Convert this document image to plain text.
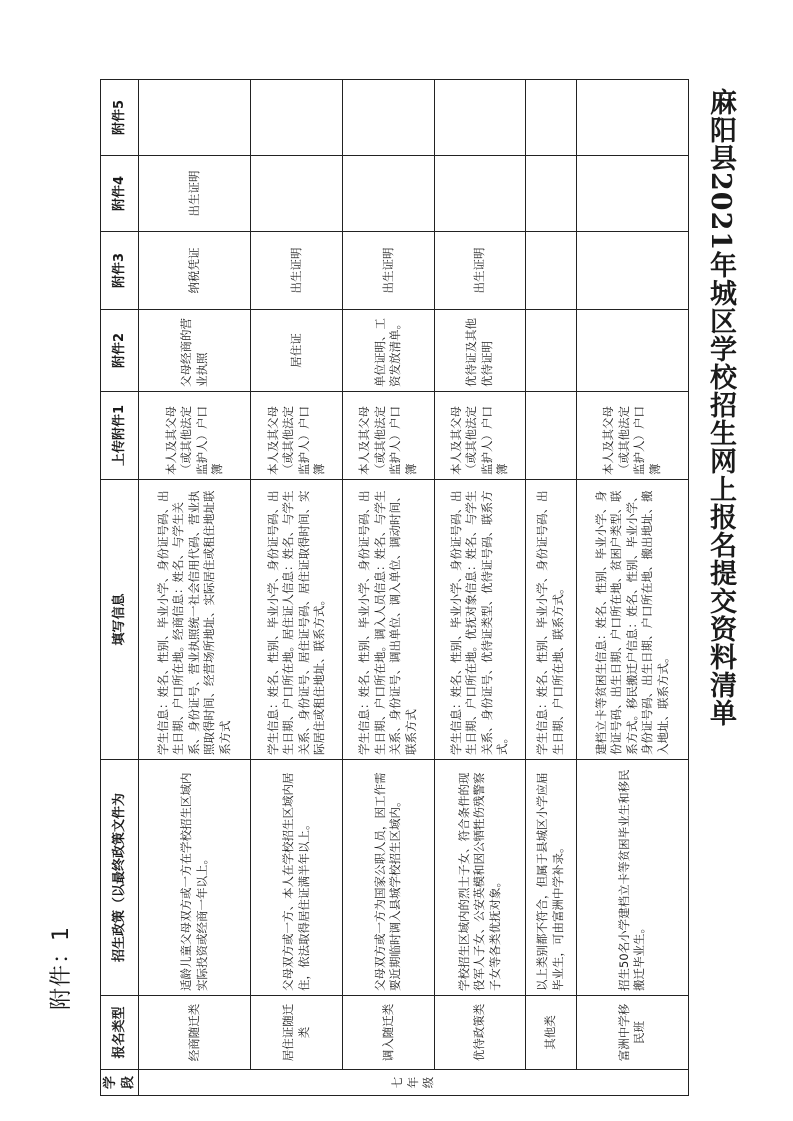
附件：1
麻阳县2021年城区学校招生网上报名提交资料清单
学段	报名类型	招生政策（以最终政策文件为	填写信息	上传附件1	附件2	附件3	附件4	附件5
七年级	经商随迁类	适龄儿童父母双方或一方在学校招生区域内实际投资或经商一年以上。	学生信息：姓名、性别、毕业小学、身份证号码、出生日期、户口所在地。经商信息：姓名、与学生关系、身份证号、营业执照统一社会信用代码、营业执照取得时间、经营场所地址、实际居住或租住地址联系方式	本人及其父母（或其他法定监护人）户口簿	父母经商的营业执照	纳税凭证	出生证明	
	居住证随迁类	父母双方或一方、本人在学校招生区域内居住，依法取得居住证满半年以上。	学生信息：姓名、性别、毕业小学、身份证号码、出生日期、户口所在地。居住证人信息：姓名、与学生关系、身份证号、居住证号码、居住证取得时间、实际居住或租住地址、联系方式。	本人及其父母（或其他法定监护人）户口簿	居住证	出生证明		
	调入随迁类	父母双方或一方为国家公职人员，因工作需要近期临时调入县城学校招生区域内。	学生信息：姓名、性别、毕业小学、身份证号码、出生日期、户口所在地。调入人员信息：姓名、与学生关系、身份证号、调出单位、调入单位、调动时间、联系方式	本人及其父母（或其他法定监护人）户口簿	单位证明、工资发放清单。	出生证明		
	优待政策类	学校招生区域内的烈士子女、符合条件的现役军人子女、公安英模和因公牺牲伤残警察子女等各类优抚对象。	学生信息：姓名、性别、毕业小学、身份证号码、出生日期、户口所在地。优抚对象信息：姓名、与学生关系、身份证号、优待证类型、优待证号码、联系方式。	本人及其父母（或其他法定监护人）户口簿	优待证及其他优待证明	出生证明		
	其他类	以上类别都不符合，但属于县城区小学应届毕业生，可由富洲中学补录。	学生信息：姓名、性别、毕业小学、身份证号码、出生日期、户口所在地、联系方式。					
	富洲中学移民班	招生50名小学建档立卡等贫困毕业生和移民搬迁毕业生。	建档立卡等贫困生信息：姓名、性别、毕业小学、身份证号码、出生日期、户口所在地、贫困户类型、联系方式。移民搬迁户信息：姓名、性别、毕业小学、身份证号码、出生日期、户口所在地、搬出地址、搬入地址、联系方式。	本人及其父母（或其他法定监护人）户口簿				
